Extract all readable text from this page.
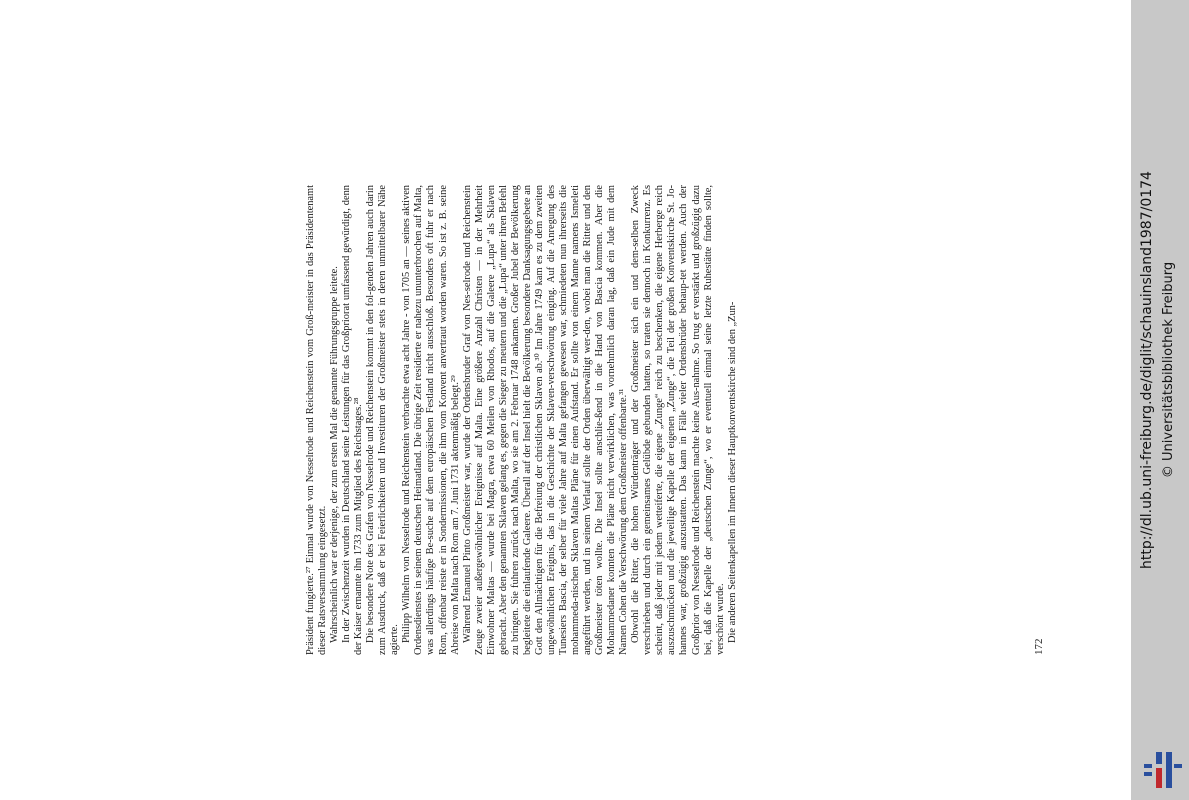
Präsident fungierte.²⁷ Einmal wurde von Nesselrode und Reichenstein vom Groß-meister in das Präsidentenamt dieser Ratsversammlung eingesetzt. Wahrscheinlich war er derjenige, der zum ersten Mal die genannte Führungsgruppe leitete. In der Zwischenzeit wurden in Deutschland seine Leistungen für das Großpriorat umfassend gewürdigt, denn der Kaiser ernannte ihn 1733 zum Mitglied des Reichstages.²⁸ Die besondere Note des Grafen von Nesselrode und Reichenstein kommt in den fol-genden Jahren auch darin zum Ausdruck, daß er bei Feierlichkeiten und Investituren der Großmeister stets in deren unmittelbarer Nähe agierte. Philipp Wilhelm von Nesselrode und Reichenstein verbrachte etwa acht Jahre - von 1705 an — seines aktiven Ordensdienstes in seinem deutschen Heimatland. Die übrige Zeit residierte er nahezu ununterbrochen auf Malta, was allerdings häufige Be-suche auf dem europäischen Festland nicht ausschloß. Besonders oft fuhr er nach Rom, offenbar reiste er in Sondermissionen, die ihm vom Konvent anvertraut worden waren. So ist z. B. seine Abreise von Malta nach Rom am 7. Juni 1731 aktenmäßig belegt.²⁹ Während Emanuel Pinto Großmeister war, wurde der Ordensbruder Graf von Nes-selrode und Reichenstein Zeuge zweier außergewöhnlicher Ereignisse auf Malta. Eine größere Anzahl Christen — in der Mehrheit Einwohner Maltas — wurde bei Magra, etwa 60 Meilen von Rhodos, auf die Galeere „Lupa“ als Sklaven gebracht. Aber den genannten Sklaven gelang es, gegen die Sieger zu meutern und die „Lupa“ unter ihren Befehl zu bringen. Sie fuhren zurück nach Malta, wo sie am 2. Februar 1748 ankamen. Großer Jubel der Bevölkerung begleitete die einlaufende Galeere. Überall auf der Insel hielt die Bevölkerung besondere Danksagungsgebete an Gott den Allmächtigen für die Befreiung der christlichen Sklaven ab.³⁰ Im Jahre 1749 kam es zu dem zweiten ungewöhnlichen Ereignis, das in die Geschichte der Sklaven-verschwörung einging. Auf die Anregung des Tunesiers Bascia, der selber für viele Jahre auf Malta gefangen gewesen war, schmiedeten nun ihrerseits die mohammeda-nischen Sklaven Maltas Pläne für einen Aufstand. Er sollte von einem Manne namens Ismeleti angeführt werden, und in seinem Verlauf sollte der Orden überwältigt wer-den, wobei man die Ritter und den Großmeister töten wollte. Die Insel sollte anschlie-ßend in die Hand von Bascia kommen. Aber die Mohammedaner konnten die Pläne nicht verwirklichen, was vornehmlich daran lag, daß ein Jude mit dem Namen Cohen die Verschwörung dem Großmeister offenbarte.³¹ Obwohl die Ritter, die hohen Würdenträger und der Großmeister sich ein und dem-selben Zweck verschrieben und durch ein gemeinsames Gelübde gebunden hatten, so traten sie dennoch in Konkurrenz. Es scheint, daß jeder mit jedem wetteiferte, die eigene „Zunge“ reich zu beschenken, die eigene Herberge reich auszuschmücken und die jeweilige Kapelle der eigenen „Zunge“, die Teil der großen Konventskirche St. Jo-hannes war, großzügig auszustatten. Das kann in Fälle vieler Ordensbrüder behaup-tet werden. Auch der Großprior von Nesselrode und Reichenstein machte keine Aus-nahme. So trug er verstärkt und großzügig dazu bei, daß die Kapelle der „deutschen Zunge“, wo er eventuell einmal seine letzte Ruhestätte finden sollte, verschönt wurde. Die anderen Seitenkapellen im Innern dieser Hauptkonventskirche sind den „Zun-

172
http://dl.ub.uni-freiburg.de/diglit/schauinsland1987/0174 © Universitätsbibliothek Freiburg
